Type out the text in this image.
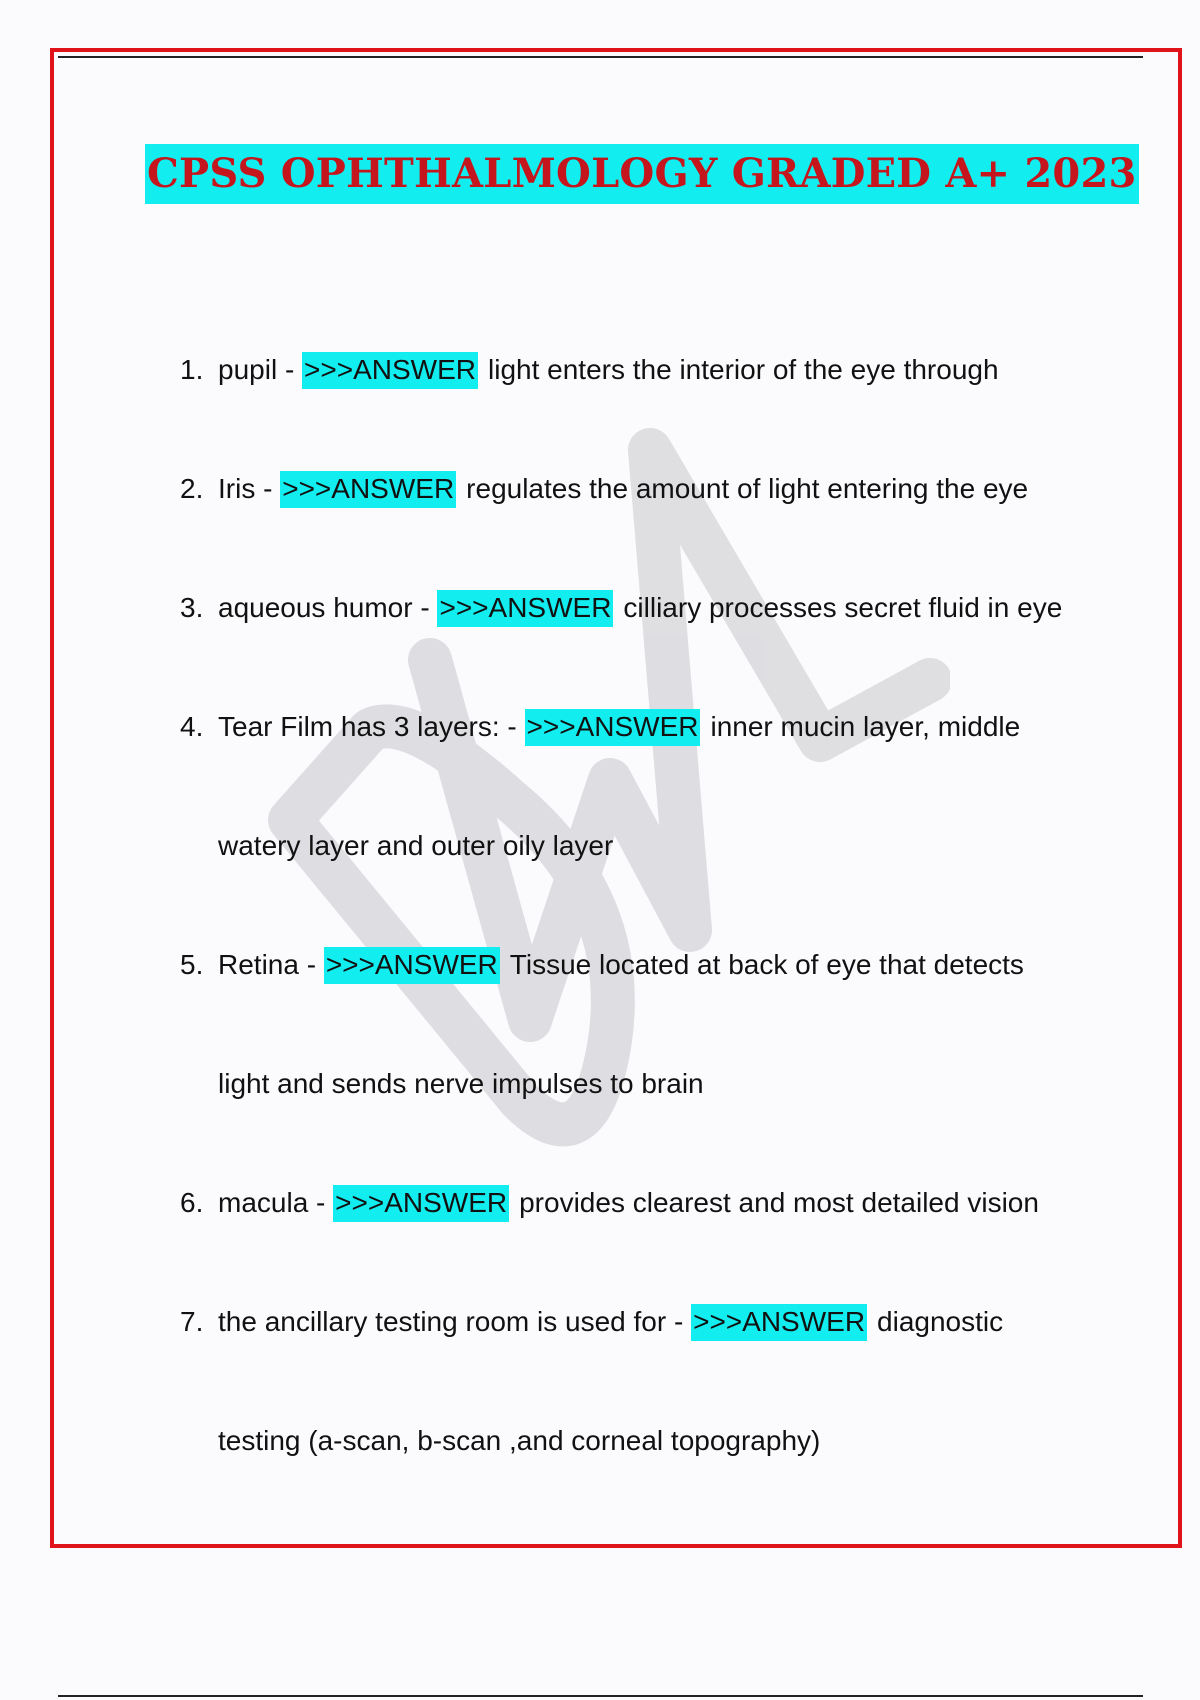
CPSS OPHTHALMOLOGY GRADED A+ 2023
1. pupil - >>>ANSWER light enters the interior of the eye through
2. Iris - >>>ANSWER regulates the amount of light entering the eye
3. aqueous humor - >>>ANSWER cilliary processes secret fluid in eye
4. Tear Film has 3 layers: - >>>ANSWER inner mucin layer, middle
watery layer and outer oily layer
5. Retina - >>>ANSWER Tissue located at back of eye that detects
light and sends nerve impulses to brain
6. macula - >>>ANSWER provides clearest and most detailed vision
7. the ancillary testing room is used for - >>>ANSWER diagnostic
testing (a-scan, b-scan ,and corneal topography)
